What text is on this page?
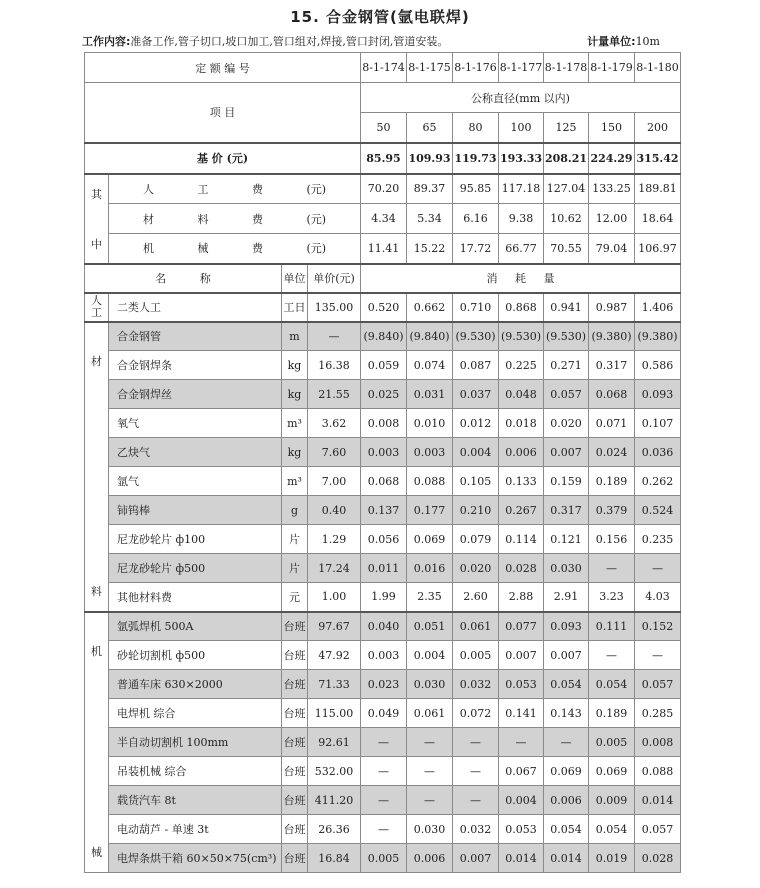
15. 合金钢管(氩电联焊)
工作内容:准备工作,管子切口,坡口加工,管口组对,焊接,管口封闭,管道安装。	计量单位:10m
定 额 编 号				8-1-174	8-1-175	8-1-176	8-1-177	8-1-178	8-1-179	8-1-180
项 目				公称直径(mm 以内)						
				50	65	80	100	125	150	200
基 价 (元)				85.95	109.93	119.73	193.33	208.21	224.29	315.42

其
中	人 工 费 (元)			70.20	89.37	95.85	117.18	127.04	133.25	189.81
	材 料 费 (元)			4.34	5.34	6.16	9.38	10.62	12.00	18.64
	机 械 费 (元)			11.41	15.22	17.72	66.77	70.55	79.04	106.97
名 称		单位	单价(元)	消 耗 量						

人工	二类人工	工日	135.00	0.520	0.662	0.710	0.868	0.941	0.987	1.406

材
料	合金钢管	m	—	(9.840)	(9.840)	(9.530)	(9.530)	(9.530)	(9.380)	(9.380)
	合金钢焊条	kg	16.38	0.059	0.074	0.087	0.225	0.271	0.317	0.586
	合金钢焊丝	kg	21.55	0.025	0.031	0.037	0.048	0.057	0.068	0.093
	氧气	m³	3.62	0.008	0.010	0.012	0.018	0.020	0.071	0.107
	乙炔气	kg	7.60	0.003	0.003	0.004	0.006	0.007	0.024	0.036
	氩气	m³	7.00	0.068	0.088	0.105	0.133	0.159	0.189	0.262
	铈钨棒	g	0.40	0.137	0.177	0.210	0.267	0.317	0.379	0.524
	尼龙砂轮片 ф100	片	1.29	0.056	0.069	0.079	0.114	0.121	0.156	0.235
	尼龙砂轮片 ф500	片	17.24	0.011	0.016	0.020	0.028	0.030	—	—
	其他材料费	元	1.00	1.99	2.35	2.60	2.88	2.91	3.23	4.03

机
械	氩弧焊机 500A	台班	97.67	0.040	0.051	0.061	0.077	0.093	0.111	0.152
	砂轮切割机 ф500	台班	47.92	0.003	0.004	0.005	0.007	0.007	—	—
	普通车床 630×2000	台班	71.33	0.023	0.030	0.032	0.053	0.054	0.054	0.057
	电焊机 综合	台班	115.00	0.049	0.061	0.072	0.141	0.143	0.189	0.285
	半自动切割机 100mm	台班	92.61	—	—	—	—	—	0.005	0.008
	吊装机械 综合	台班	532.00	—	—	—	0.067	0.069	0.069	0.088
	载货汽车 8t	台班	411.20	—	—	—	0.004	0.006	0.009	0.014
	电动葫芦 - 单速 3t	台班	26.36	—	0.030	0.032	0.053	0.054	0.054	0.057
	电焊条烘干箱 60×50×75(cm³)	台班	16.84	0.005	0.006	0.007	0.014	0.014	0.019	0.028
